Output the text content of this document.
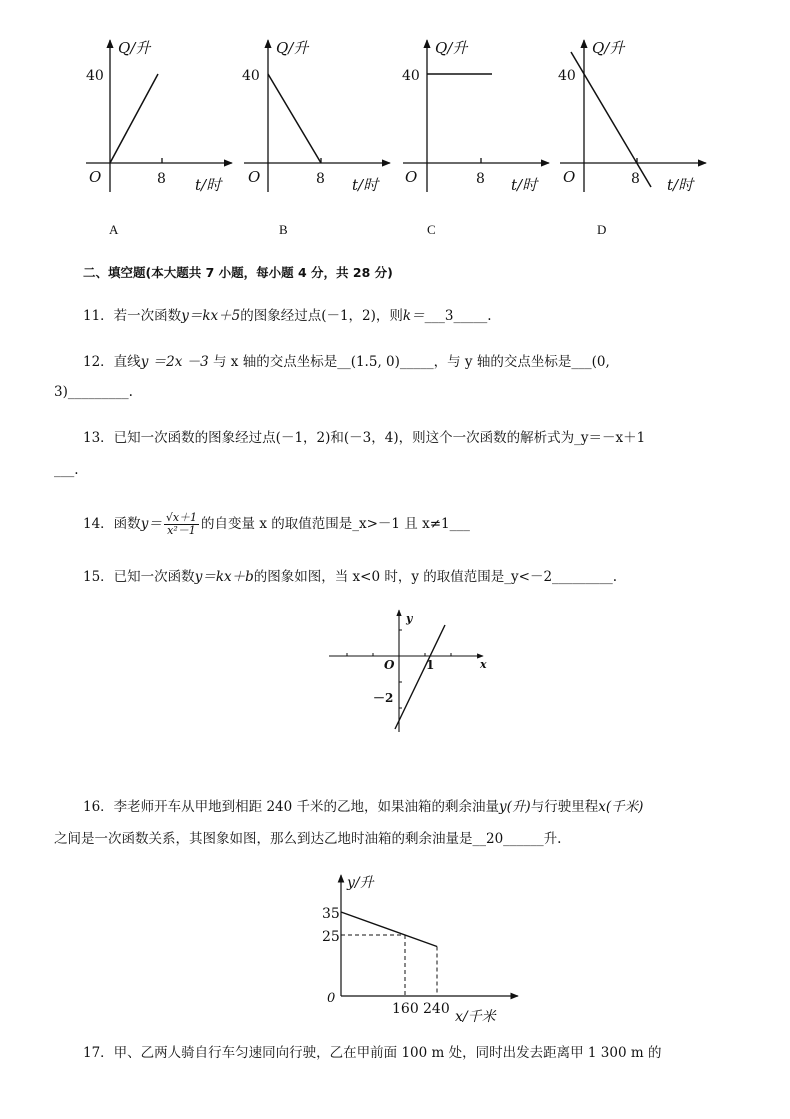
40
Q/升
O	8 t/时
40
Q/升
O	8 t/时
40
Q/升
O	8 t/时
40
Q/升
O	8 t/时
A	B	C	D
二、填空题(本大题共 7 小题，每小题 4 分，共 28 分)
11．若一次函数y＝kx＋5的图象经过点(－1，2)，则k＝___3_____.
12．直线y ＝2x －3 与 x 轴的交点坐标是__(1.5, 0)_____，与 y 轴的交点坐标是___(0,
3)_________.
13．已知一次函数的图象经过点(－1，2)和(－3，4)，则这个一次函数的解析式为_y＝－x＋1
___.
14．函数$y= \frac{√x+1}{\text{x²－1}}$ 的自变量 x 的取值范围是_x>－1 且 x≠1___
15．已知一次函数y＝kx＋b的图象如图，当 x<0 时，y 的取值范围是_y<－2_________.
y
x
O	1
－2
16．李老师开车从甲地到相距 240 千米的乙地，如果油箱的剩余油量y(升)与行驶里程x(千米)
之间是一次函数关系，其图象如图，那么到达乙地时油箱的剩余油量是__20______升.
y/升
x/千米
0
35
25
160 240
17．甲、乙两人骑自行车匀速同向行驶，乙在甲前面 100 m 处，同时出发去距离甲 1 300 m 的
